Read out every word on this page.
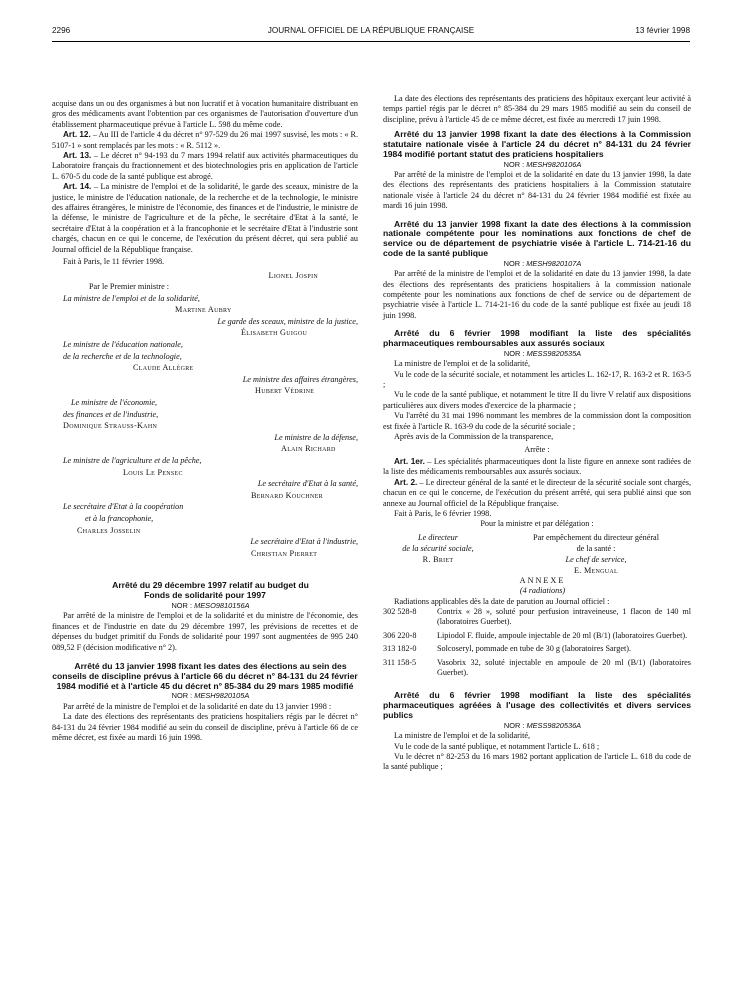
2296	JOURNAL OFFICIEL DE LA RÉPUBLIQUE FRANÇAISE	13 février 1998

acquise dans un ou des organismes à but non lucratif et à vocation humanitaire distribuant en gros des médicaments avant l'obtention par ces organismes de l'autorisation d'ouverture d'un établissement pharmaceutique prévue à l'article L. 598 du même code.

Art. 12. – Au III de l'article 4 du décret n° 97-529 du 26 mai 1997 susvisé, les mots : « R. 5107-1 » sont remplacés par les mots : « R. 5112 ».

Art. 13. – Le décret n° 94-193 du 7 mars 1994 relatif aux activités pharmaceutiques du Laboratoire français du fractionnement et des biotechnologies pris en application de l'article L. 670-5 du code de la santé publique est abrogé.

Art. 14. – La ministre de l'emploi et de la solidarité, le garde des sceaux, ministre de la justice, le ministre de l'éducation nationale, de la recherche et de la technologie, le ministre des affaires étrangères, le ministre de l'économie, des finances et de l'industrie, le ministre de la défense, le ministre de l'agriculture et de la pêche, le secrétaire d'Etat à la santé, le secrétaire d'Etat à la coopération et à la francophonie et le secrétaire d'Etat à l'industrie sont chargés, chacun en ce qui le concerne, de l'exécution du présent décret, qui sera publié au Journal officiel de la République française.

Fait à Paris, le 11 février 1998.

Lionel Jospin

Par le Premier ministre :

La ministre de l'emploi et de la solidarité,

Martine Aubry

Le garde des sceaux, ministre de la justice,

Élisabeth Guigou

Le ministre de l'éducation nationale,

de la recherche et de la technologie,

Claude Allègre

Le ministre des affaires étrangères,

Hubert Védrine

Le ministre de l'économie,

des finances et de l'industrie,

Dominique Strauss-Kahn

Le ministre de la défense,

Alain Richard

Le ministre de l'agriculture et de la pêche,

Louis Le Pensec

Le secrétaire d'Etat à la santé,

Bernard Kouchner

Le secrétaire d'Etat à la coopération

et à la francophonie,

Charles Josselin

Le secrétaire d'Etat à l'industrie,

Christian Pierret

Arrêté du 29 décembre 1997 relatif au budget du Fonds de solidarité pour 1997

NOR : MESO9810156A

Par arrêté de la ministre de l'emploi et de la solidarité et du ministre de l'économie, des finances et de l'industrie en date du 29 décembre 1997, les prévisions de recettes et de dépenses du budget primitif du Fonds de solidarité pour 1997 sont augmentées de 995 240 089,52 F (décision modificative n° 2).

Arrêté du 13 janvier 1998 fixant les dates des élections au sein des conseils de discipline prévus à l'article 66 du décret n° 84-131 du 24 février 1984 modifié et à l'article 45 du décret n° 85-384 du 29 mars 1985 modifié

NOR : MESH9820105A

Par arrêté de la ministre de l'emploi et de la solidarité en date du 13 janvier 1998 :

La date des élections des représentants des praticiens hospitaliers régis par le décret n° 84-131 du 24 février 1984 modifié au sein du conseil de discipline, prévu à l'article 66 de ce même décret, est fixée au mardi 16 juin 1998.

La date des élections des représentants des praticiens des hôpitaux exerçant leur activité à temps partiel régis par le décret n° 85-384 du 29 mars 1985 modifié au sein du conseil de discipline, prévu à l'article 45 de ce même décret, est fixée au mercredi 17 juin 1998.

Arrêté du 13 janvier 1998 fixant la date des élections à la Commission statutaire nationale visée à l'article 24 du décret n° 84-131 du 24 février 1984 modifié portant statut des praticiens hospitaliers

NOR : MESH9820106A

Par arrêté de la ministre de l'emploi et de la solidarité en date du 13 janvier 1998, la date des élections des représentants des praticiens hospitaliers à la Commission statutaire nationale visée à l'article 24 du décret n° 84-131 du 24 février 1984 modifié est fixée au mardi 16 juin 1998.

Arrêté du 13 janvier 1998 fixant la date des élections à la commission nationale compétente pour les nominations aux fonctions de chef de service ou de département de psychiatrie visée à l'article L. 714-21-16 du code de la santé publique

NOR : MESH9820107A

Par arrêté de la ministre de l'emploi et de la solidarité en date du 13 janvier 1998, la date des élections des représentants des praticiens hospitaliers à la commission nationale compétente pour les nominations aux fonctions de chef de service ou de département de psychiatrie visée à l'article L. 714-21-16 du code de la santé publique est fixée au jeudi 18 juin 1998.

Arrêté du 6 février 1998 modifiant la liste des spécialités pharmaceutiques remboursables aux assurés sociaux

NOR : MESS9820535A

La ministre de l'emploi et de la solidarité,

Vu le code de la sécurité sociale, et notamment les articles L. 162-17, R. 163-2 et R. 163-5 ;

Vu le code de la santé publique, et notamment le titre II du livre V relatif aux dispositions particulières aux divers modes d'exercice de la pharmacie ;

Vu l'arrêté du 31 mai 1996 nommant les membres de la commission dont la composition est fixée à l'article R. 163-9 du code de la sécurité sociale ;

Après avis de la Commission de la transparence,

Arrête :

Art. 1er. – Les spécialités pharmaceutiques dont la liste figure en annexe sont radiées de la liste des médicaments remboursables aux assurés sociaux.

Art. 2. – Le directeur général de la santé et le directeur de la sécurité sociale sont chargés, chacun en ce qui le concerne, de l'exécution du présent arrêté, qui sera publié ainsi que son annexe au Journal officiel de la République française.

Fait à Paris, le 6 février 1998.

Pour la ministre et par délégation :

Le directeur
de la sécurité sociale,
R. Briet
Par empêchement du directeur général
de la santé :
Le chef de service,
E. Mengual

ANNEXE

(4 radiations)

Radiations applicables dès la date de parution au Journal officiel :

302 528-8	Contrix « 28 », soluté pour perfusion intraveineuse, 1 flacon de 140 ml (laboratoires Guerbet).
306 220-8	Lipiodol F. fluide, ampoule injectable de 20 ml (B/1) (laboratoires Guerbet).
313 182-0	Solcoseryl, pommade en tube de 30 g (laboratoires Sarget).
311 158-5	Vasobrix 32, soluté injectable en ampoule de 20 ml (B/1) (laboratoires Guerbet).

Arrêté du 6 février 1998 modifiant la liste des spécialités pharmaceutiques agréées à l'usage des collectivités et divers services publics

NOR : MESS9820536A

La ministre de l'emploi et de la solidarité,

Vu le code de la santé publique, et notamment l'article L. 618 ;

Vu le décret n° 82-253 du 16 mars 1982 portant application de l'article L. 618 du code de la santé publique ;
